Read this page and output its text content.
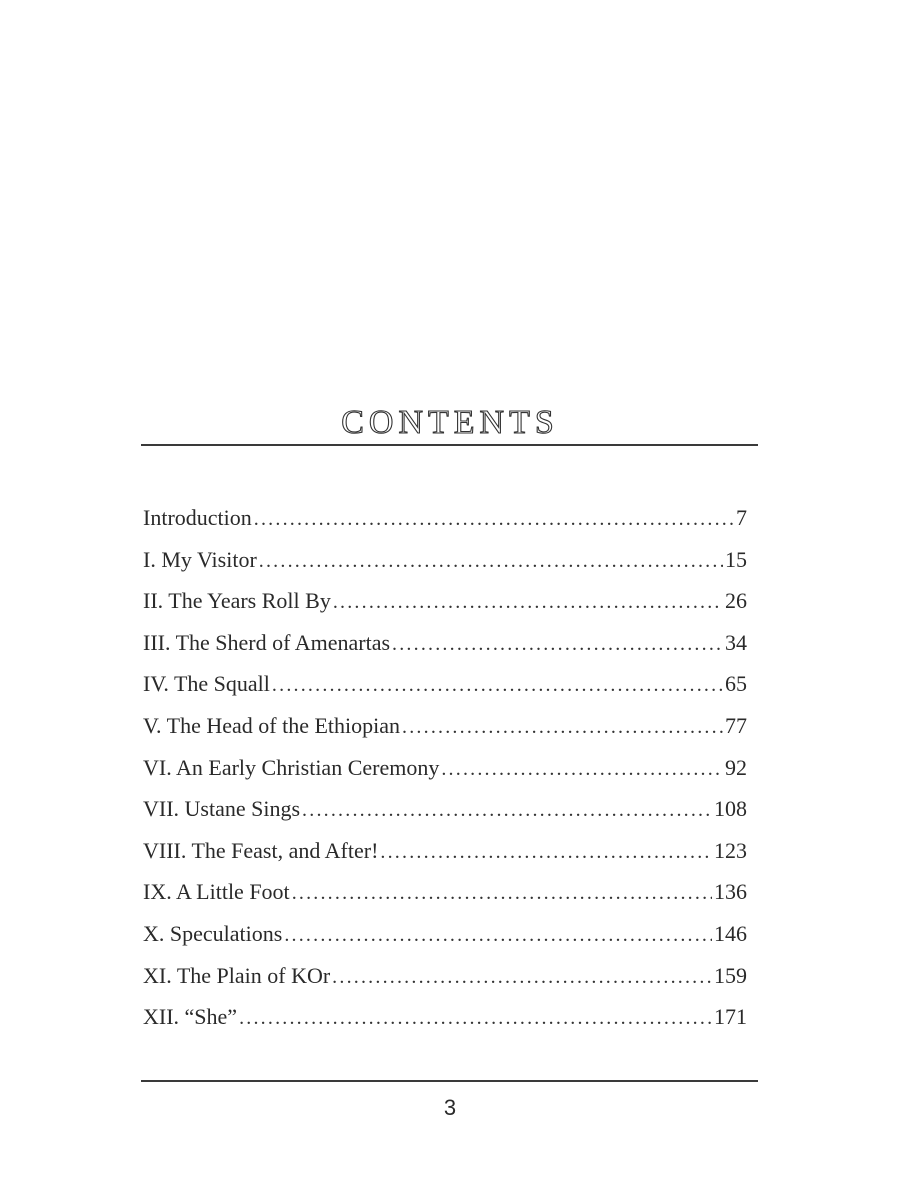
CONTENTS
Introduction .....	7
I. My Visitor .....	15
II. The Years Roll By .....	26
III. The Sherd of Amenartas .....	34
IV. The Squall .....	65
V. The Head of the Ethiopian .....	77
VI. An Early Christian Ceremony .....	92
VII. Ustane Sings .....	108
VIII. The Feast, and After! .....	123
IX. A Little Foot .....	136
X. Speculations .....	146
XI. The Plain of KOr .....	159
XII. “She” .....	171
3
